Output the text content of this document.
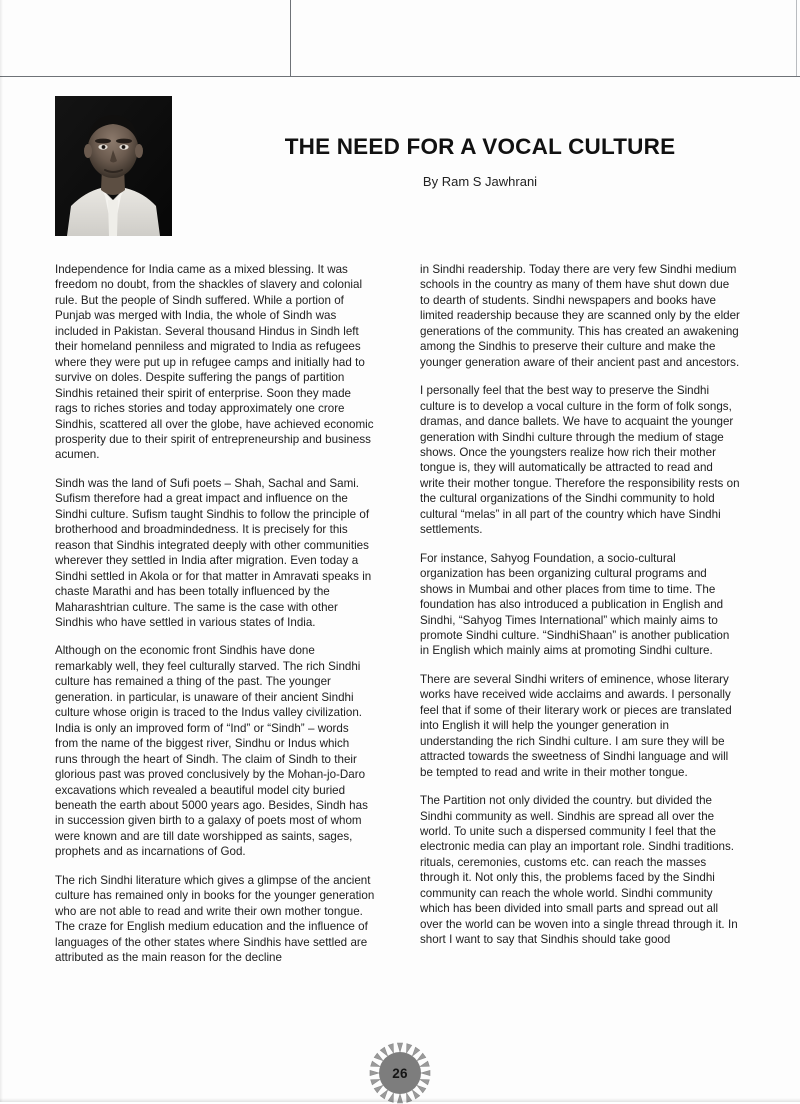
THE NEED FOR A VOCAL CULTURE

By Ram S Jawhrani

Independence for India came as a mixed blessing. It was freedom no doubt, from the shackles of slavery and colonial rule. But the people of Sindh suffered. While a portion of Punjab was merged with India, the whole of Sindh was included in Pakistan. Several thousand Hindus in Sindh left their homeland penniless and migrated to India as refugees where they were put up in refugee camps and initially had to survive on doles. Despite suffering the pangs of partition Sindhis retained their spirit of enterprise. Soon they made rags to riches stories and today approximately one crore Sindhis, scattered all over the globe, have achieved economic prosperity due to their spirit of entrepreneurship and business acumen.

Sindh was the land of Sufi poets – Shah, Sachal and Sami. Sufism therefore had a great impact and influence on the Sindhi culture. Sufism taught Sindhis to follow the principle of brotherhood and broadmindedness. It is precisely for this reason that Sindhis integrated deeply with other communities wherever they settled in India after migration. Even today a Sindhi settled in Akola or for that matter in Amravati speaks in chaste Marathi and has been totally influenced by the Maharashtrian culture. The same is the case with other Sindhis who have settled in various states of India.

Although on the economic front Sindhis have done remarkably well, they feel culturally starved. The rich Sindhi culture has remained a thing of the past. The younger generation. in particular, is unaware of their ancient Sindhi culture whose origin is traced to the Indus valley civilization. India is only an improved form of “Ind” or “Sindh” – words from the name of the biggest river, Sindhu or Indus which runs through the heart of Sindh. The claim of Sindh to their glorious past was proved conclusively by the Mohan-jo-Daro excavations which revealed a beautiful model city buried beneath the earth about 5000 years ago. Besides, Sindh has in succession given birth to a galaxy of poets most of whom were known and are till date worshipped as saints, sages, prophets and as incarnations of God.

The rich Sindhi literature which gives a glimpse of the ancient culture has remained only in books for the younger generation who are not able to read and write their own mother tongue. The craze for English medium education and the influence of languages of the other states where Sindhis have settled are attributed as the main reason for the decline

in Sindhi readership. Today there are very few Sindhi medium schools in the country as many of them have shut down due to dearth of students. Sindhi newspapers and books have limited readership because they are scanned only by the elder generations of the community. This has created an awakening among the Sindhis to preserve their culture and make the younger generation aware of their ancient past and ancestors.

I personally feel that the best way to preserve the Sindhi culture is to develop a vocal culture in the form of folk songs, dramas, and dance ballets. We have to acquaint the younger generation with Sindhi culture through the medium of stage shows. Once the youngsters realize how rich their mother tongue is, they will automatically be attracted to read and write their mother tongue. Therefore the responsibility rests on the cultural organizations of the Sindhi community to hold cultural “melas” in all part of the country which have Sindhi settlements.

For instance, Sahyog Foundation, a socio-cultural organization has been organizing cultural programs and shows in Mumbai and other places from time to time. The foundation has also introduced a publication in English and Sindhi, “Sahyog Times International” which mainly aims to promote Sindhi culture. “SindhiShaan” is another publication in English which mainly aims at promoting Sindhi culture.

There are several Sindhi writers of eminence, whose literary works have received wide acclaims and awards. I personally feel that if some of their literary work or pieces are translated into English it will help the younger generation in understanding the rich Sindhi culture. I am sure they will be attracted towards the sweetness of Sindhi language and will be tempted to read and write in their mother tongue.

The Partition not only divided the country. but divided the Sindhi community as well. Sindhis are spread all over the world. To unite such a dispersed community I feel that the electronic media can play an important role. Sindhi traditions. rituals, ceremonies, customs etc. can reach the masses through it. Not only this, the problems faced by the Sindhi community can reach the whole world. Sindhi community which has been divided into small parts and spread out all over the world can be woven into a single thread through it. In short I want to say that Sindhis should take good

26
